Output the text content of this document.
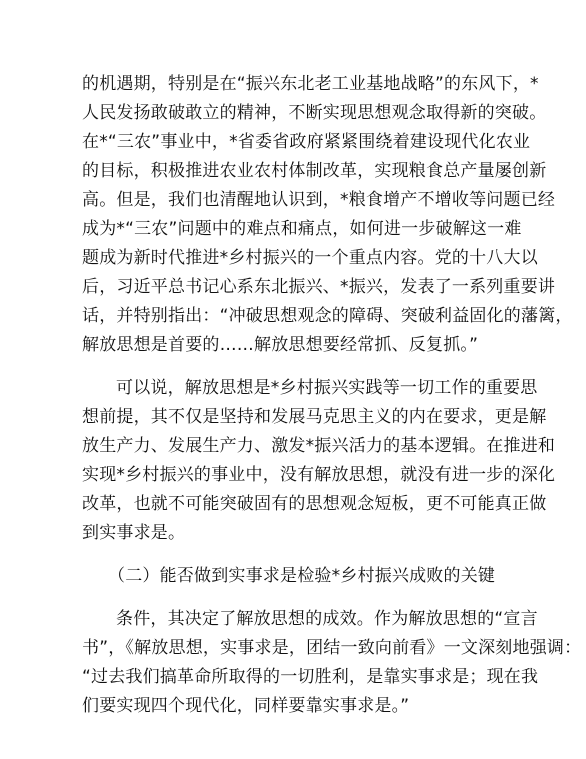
的机遇期，特别是在“振兴东北老工业基地战略”的东风下，*
人民发扬敢破敢立的精神，不断实现思想观念取得新的突破。
在*“三农”事业中，*省委省政府紧紧围绕着建设现代化农业
的目标，积极推进农业农村体制改革，实现粮食总产量屡创新
高。但是，我们也清醒地认识到，*粮食增产不增收等问题已经
成为*“三农”问题中的难点和痛点，如何进一步破解这一难
题成为新时代推进*乡村振兴的一个重点内容。党的十八大以
后，习近平总书记心系东北振兴、*振兴，发表了一系列重要讲
话，并特别指出：“冲破思想观念的障碍、突破利益固化的藩篱，
解放思想是首要的……解放思想要经常抓、反复抓。”
可以说，解放思想是*乡村振兴实践等一切工作的重要思
想前提，其不仅是坚持和发展马克思主义的内在要求，更是解
放生产力、发展生产力、激发*振兴活力的基本逻辑。在推进和
实现*乡村振兴的事业中，没有解放思想，就没有进一步的深化
改革，也就不可能突破固有的思想观念短板，更不可能真正做
到实事求是。
（二）能否做到实事求是检验*乡村振兴成败的关键
条件，其决定了解放思想的成效。作为解放思想的“宣言
书”，《解放思想，实事求是，团结一致向前看》一文深刻地强调：
“过去我们搞革命所取得的一切胜利，是靠实事求是；现在我
们要实现四个现代化，同样要靠实事求是。”
